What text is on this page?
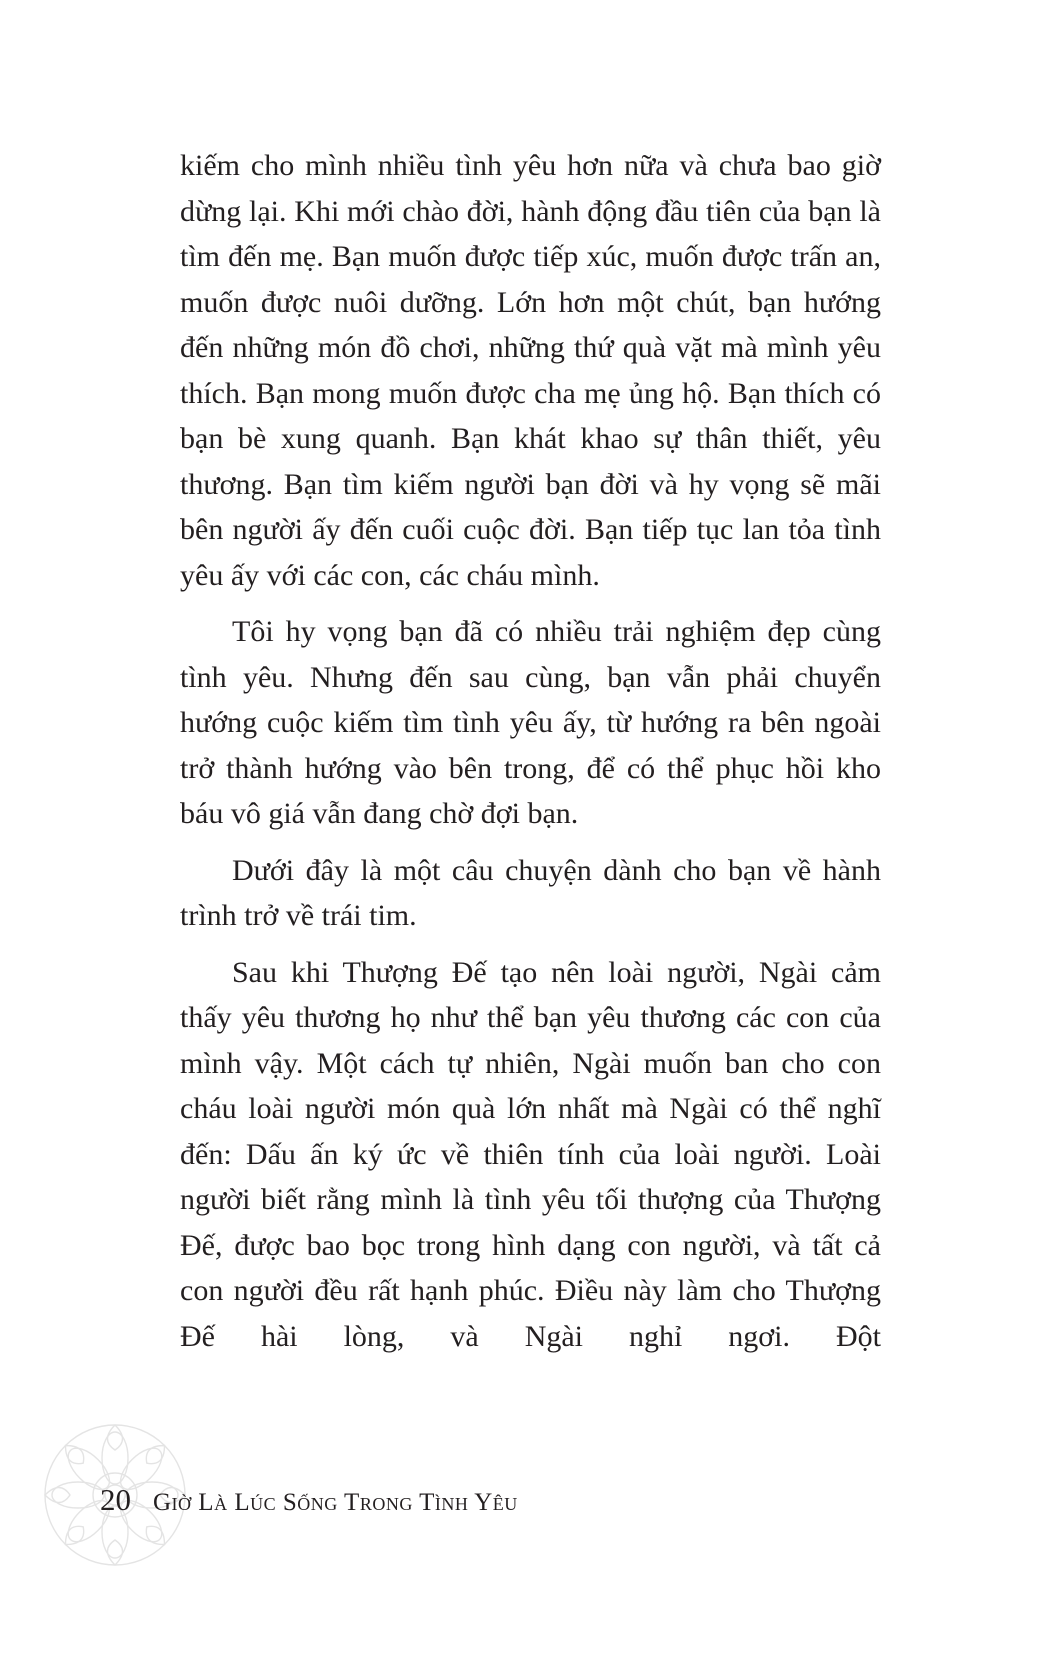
kiếm cho mình nhiều tình yêu hơn nữa và chưa bao giờ dừng lại. Khi mới chào đời, hành động đầu tiên của bạn là tìm đến mẹ. Bạn muốn được tiếp xúc, muốn được trấn an, muốn được nuôi dưỡng. Lớn hơn một chút, bạn hướng đến những món đồ chơi, những thứ quà vặt mà mình yêu thích. Bạn mong muốn được cha mẹ ủng hộ. Bạn thích có bạn bè xung quanh. Bạn khát khao sự thân thiết, yêu thương. Bạn tìm kiếm người bạn đời và hy vọng sẽ mãi bên người ấy đến cuối cuộc đời. Bạn tiếp tục lan tỏa tình yêu ấy với các con, các cháu mình.

Tôi hy vọng bạn đã có nhiều trải nghiệm đẹp cùng tình yêu. Nhưng đến sau cùng, bạn vẫn phải chuyển hướng cuộc kiếm tìm tình yêu ấy, từ hướng ra bên ngoài trở thành hướng vào bên trong, để có thể phục hồi kho báu vô giá vẫn đang chờ đợi bạn.

Dưới đây là một câu chuyện dành cho bạn về hành trình trở về trái tim.

Sau khi Thượng Đế tạo nên loài người, Ngài cảm thấy yêu thương họ như thể bạn yêu thương các con của mình vậy. Một cách tự nhiên, Ngài muốn ban cho con cháu loài người món quà lớn nhất mà Ngài có thể nghĩ đến: Dấu ấn ký ức về thiên tính của loài người. Loài người biết rằng mình là tình yêu tối thượng của Thượng Đế, được bao bọc trong hình dạng con người, và tất cả con người đều rất hạnh phúc. Điều này làm cho Thượng Đế hài lòng, và Ngài nghỉ ngơi. Đột

20 Giờ Là Lúc Sống Trong Tình Yêu
